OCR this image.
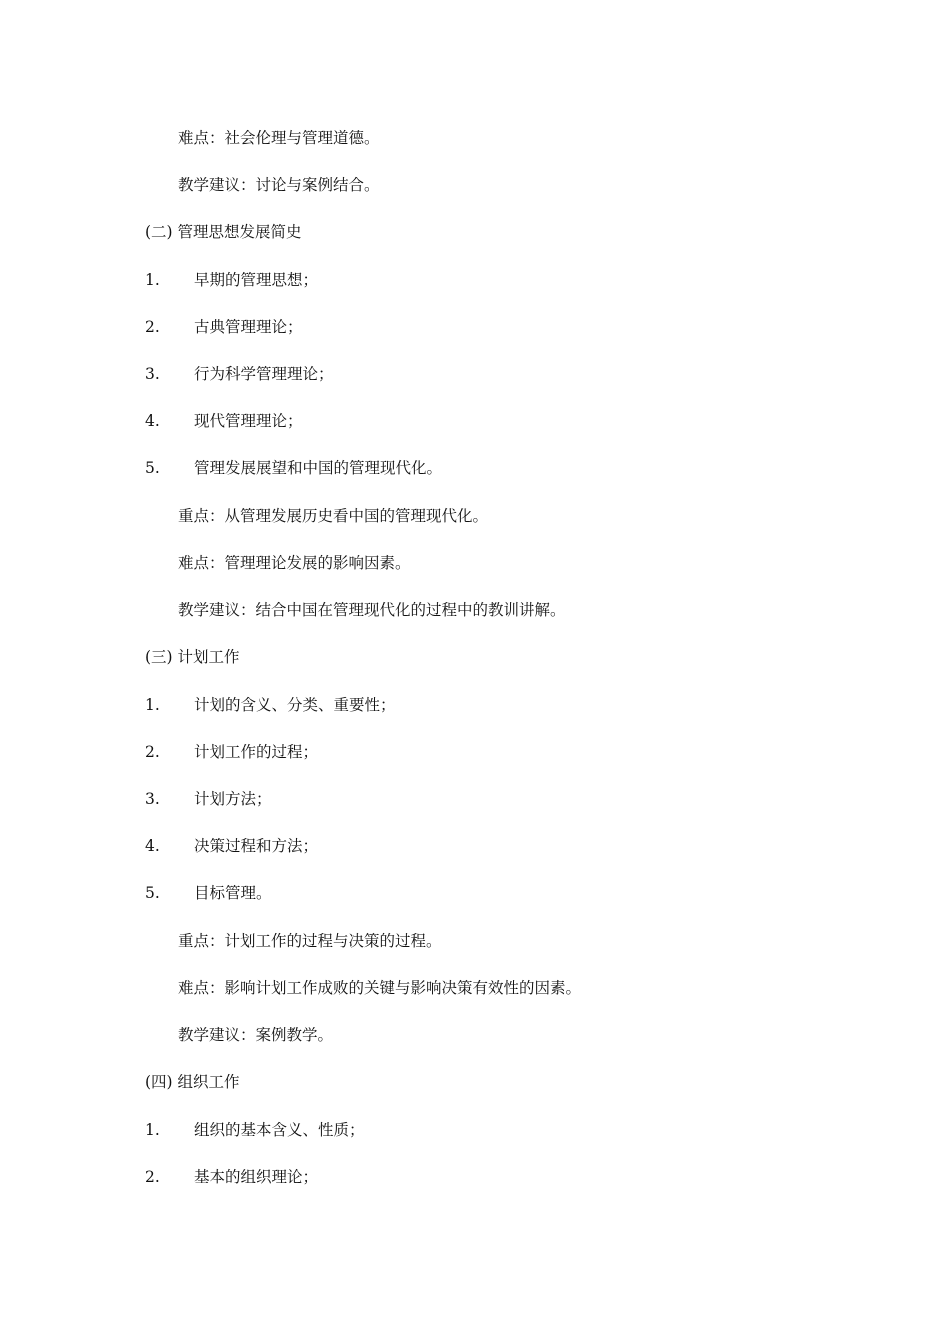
难点：社会伦理与管理道德。
教学建议：讨论与案例结合。
(二) 管理思想发展简史
1. 早期的管理思想；
2. 古典管理理论；
3. 行为科学管理理论；
4. 现代管理理论；
5. 管理发展展望和中国的管理现代化。
重点：从管理发展历史看中国的管理现代化。
难点：管理理论发展的影响因素。
教学建议：结合中国在管理现代化的过程中的教训讲解。
(三) 计划工作
1. 计划的含义、分类、重要性；
2. 计划工作的过程；
3. 计划方法；
4. 决策过程和方法；
5. 目标管理。
重点：计划工作的过程与决策的过程。
难点：影响计划工作成败的关键与影响决策有效性的因素。
教学建议：案例教学。
(四) 组织工作
1. 组织的基本含义、性质；
2. 基本的组织理论；
